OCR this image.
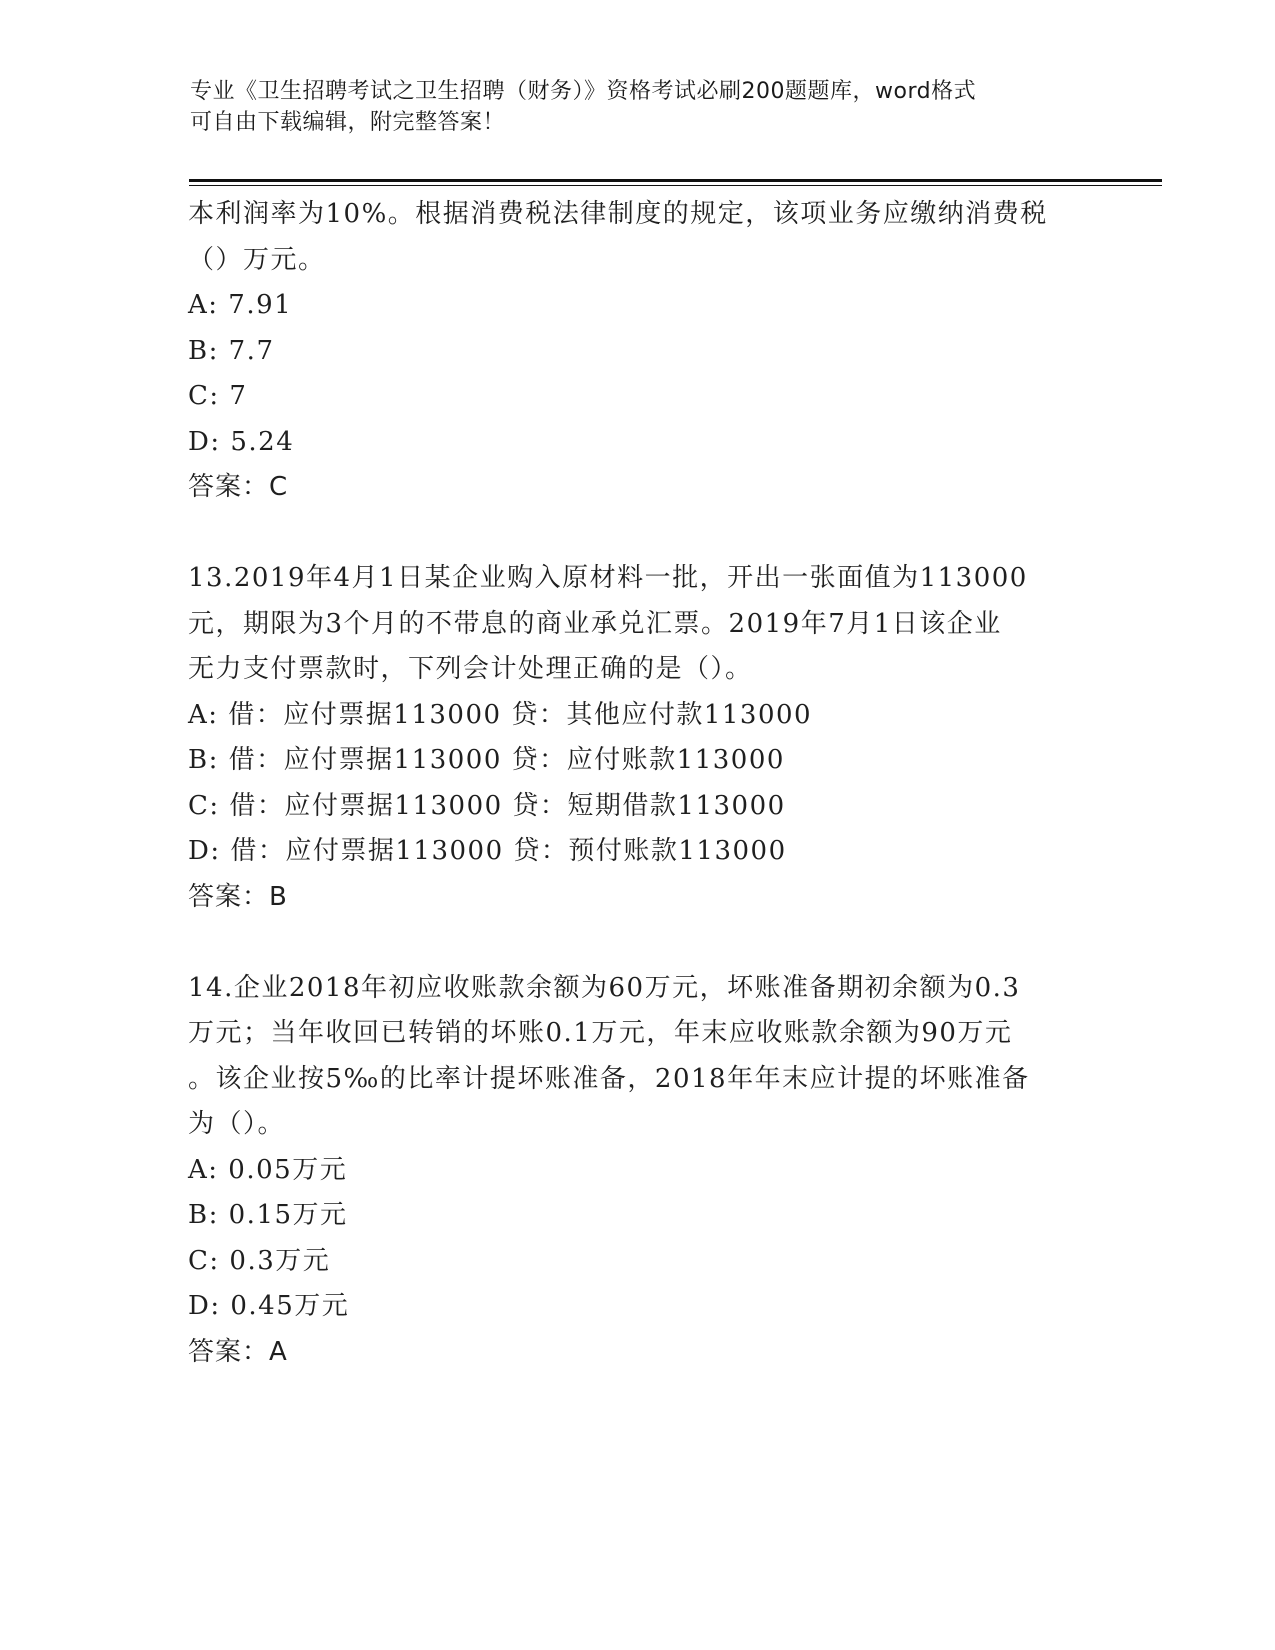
专业《卫生招聘考试之卫生招聘（财务）》资格考试必刷200题题库，word格式
可自由下载编辑，附完整答案！
本利润率为10%。根据消费税法律制度的规定，该项业务应缴纳消费税
（）万元。
A: 7.91
B: 7.7
C: 7
D: 5.24
答案：C
13.2019年4月1日某企业购入原材料一批，开出一张面值为113000
元，期限为3个月的不带息的商业承兑汇票。2019年7月1日该企业
无力支付票款时，下列会计处理正确的是（）。
A: 借：应付票据113000 贷：其他应付款113000
B: 借：应付票据113000 贷：应付账款113000
C: 借：应付票据113000 贷：短期借款113000
D: 借：应付票据113000 贷：预付账款113000
答案：B
14.企业2018年初应收账款余额为60万元，坏账准备期初余额为0.3
万元；当年收回已转销的坏账0.1万元，年末应收账款余额为90万元
。该企业按5‰的比率计提坏账准备，2018年年末应计提的坏账准备
为（）。
A: 0.05万元
B: 0.15万元
C: 0.3万元
D: 0.45万元
答案：A
